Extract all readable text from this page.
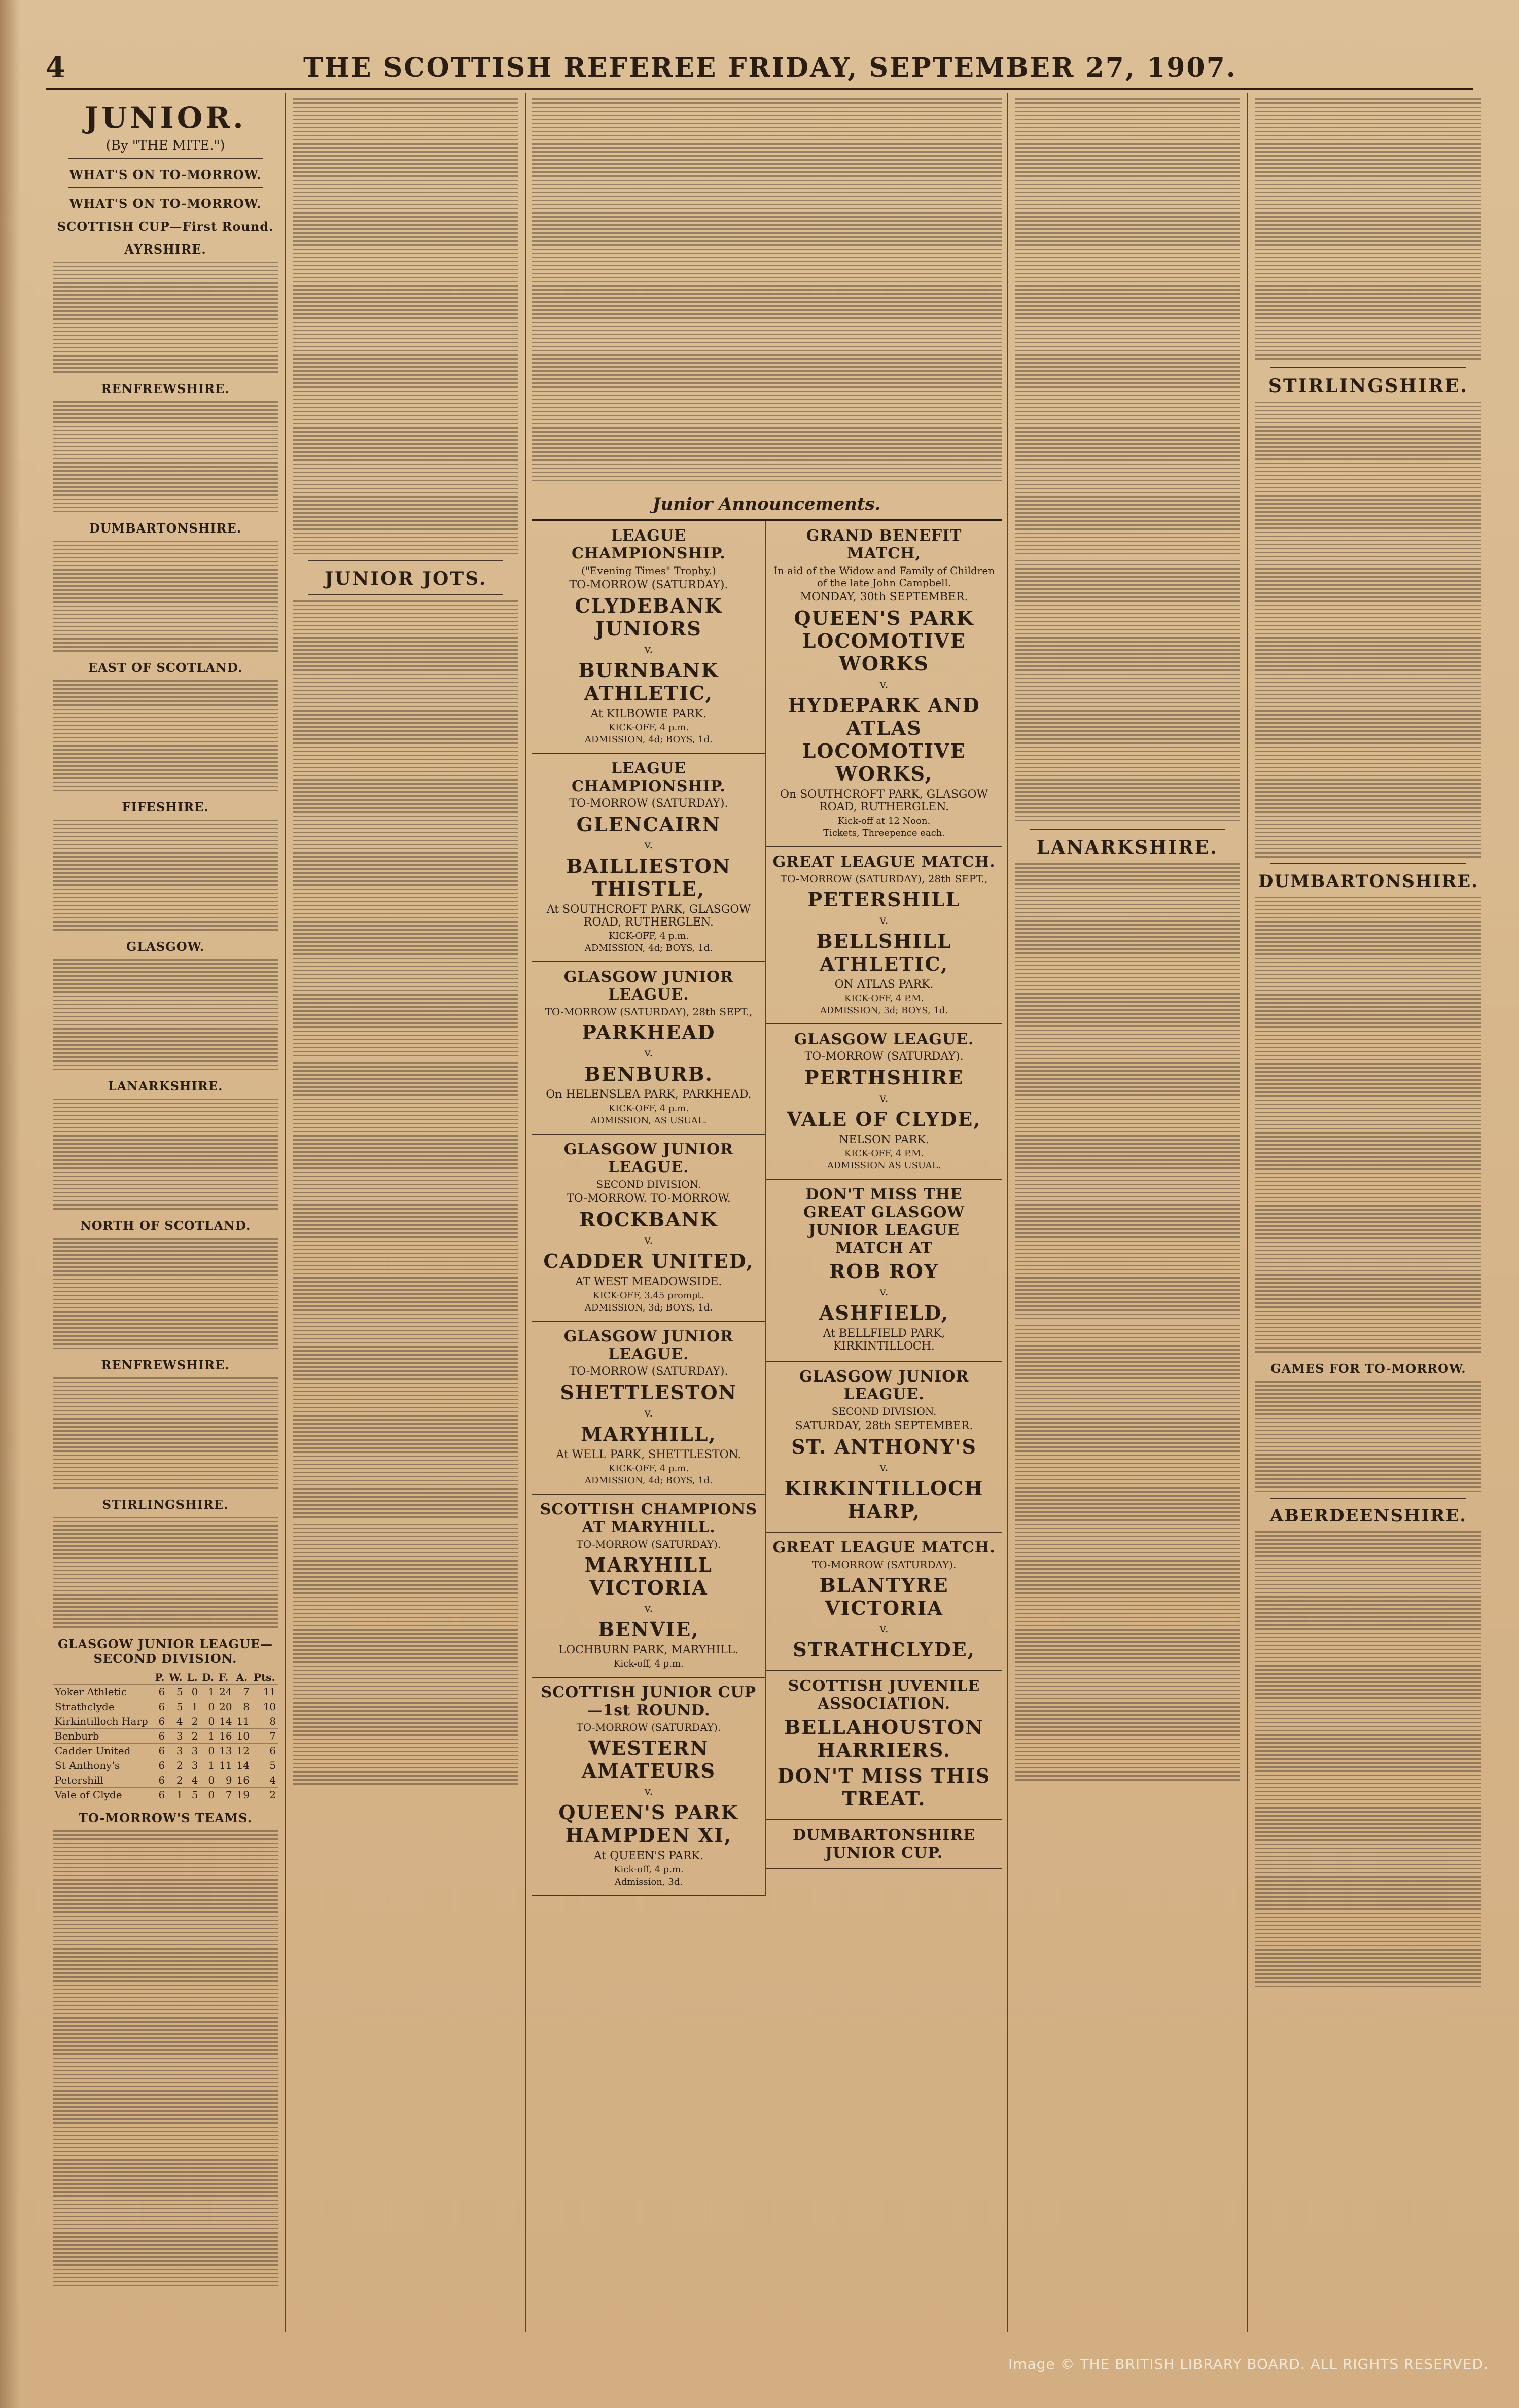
4	THE SCOTTISH REFEREE FRIDAY, SEPTEMBER 27, 1907.
JUNIOR.
(By "THE MITE.")
WHAT'S ON TO-MORROW.
WHAT'S ON TO-MORROW.
SCOTTISH CUP—First Round.
AYRSHIRE.
RENFREWSHIRE.
DUMBARTONSHIRE.
EAST OF SCOTLAND.
FIFESHIRE.
GLASGOW.
LANARKSHIRE.
NORTH OF SCOTLAND.
RENFREWSHIRE.
STIRLINGSHIRE.
GLASGOW JUNIOR LEAGUE—SECOND DIVISION.
	P.	W.	L.	D.	F.	A.	Pts.
Yoker Athletic	6	5	0	1	24	7	11
Strathclyde	6	5	1	0	20	8	10
Kirkintilloch Harp	6	4	2	0	14	11	8
Benburb	6	3	2	1	16	10	7
Cadder United	6	3	3	0	13	12	6
St Anthony's	6	2	3	1	11	14	5
Petershill	6	2	4	0	9	16	4
Vale of Clyde	6	1	5	0	7	19	2
TO-MORROW'S TEAMS.
JUNIOR JOTS.
Junior Announcements.
LEAGUE CHAMPIONSHIP.
("Evening Times" Trophy.)
TO-MORROW (SATURDAY).
CLYDEBANK JUNIORS
v.
BURNBANK ATHLETIC,
At KILBOWIE PARK.
KICK-OFF, 4 p.m.
ADMISSION, 4d; BOYS, 1d.
LEAGUE CHAMPIONSHIP.
TO-MORROW (SATURDAY).
GLENCAIRN
v.
BAILLIESTON THISTLE,
At SOUTHCROFT PARK, GLASGOW ROAD, RUTHERGLEN.
KICK-OFF, 4 p.m.
ADMISSION, 4d; BOYS, 1d.
GLASGOW JUNIOR LEAGUE.
TO-MORROW (SATURDAY), 28th SEPT.,
PARKHEAD
v.
BENBURB.
On HELENSLEA PARK, PARKHEAD.
KICK-OFF, 4 p.m.
ADMISSION, AS USUAL.
GLASGOW JUNIOR LEAGUE.
SECOND DIVISION.
TO-MORROW. TO-MORROW.
ROCKBANK
v.
CADDER UNITED,
AT WEST MEADOWSIDE.
KICK-OFF, 3.45 prompt.
ADMISSION, 3d; BOYS, 1d.
GLASGOW JUNIOR LEAGUE.
TO-MORROW (SATURDAY).
SHETTLESTON
v.
MARYHILL,
At WELL PARK, SHETTLESTON.
KICK-OFF, 4 p.m.
ADMISSION, 4d; BOYS, 1d.
SCOTTISH CHAMPIONS AT MARYHILL.
TO-MORROW (SATURDAY).
MARYHILL VICTORIA
v.
BENVIE,
LOCHBURN PARK, MARYHILL.
Kick-off, 4 p.m.
SCOTTISH JUNIOR CUP—1st ROUND.
TO-MORROW (SATURDAY).
WESTERN AMATEURS
v.
QUEEN'S PARK HAMPDEN XI,
At QUEEN'S PARK.
Kick-off, 4 p.m.
Admission, 3d.
GRAND BENEFIT MATCH,
In aid of the Widow and Family of Children of the late John Campbell.
MONDAY, 30th SEPTEMBER.
QUEEN'S PARK LOCOMOTIVE WORKS
v.
HYDEPARK AND ATLAS LOCOMOTIVE WORKS,
On SOUTHCROFT PARK, GLASGOW ROAD, RUTHERGLEN.
Kick-off at 12 Noon.
Tickets, Threepence each.
GREAT LEAGUE MATCH.
TO-MORROW (SATURDAY), 28th SEPT.,
PETERSHILL
v.
BELLSHILL ATHLETIC,
ON ATLAS PARK.
KICK-OFF, 4 P.M.
ADMISSION, 3d; BOYS, 1d.
GLASGOW LEAGUE.
TO-MORROW (SATURDAY).
PERTHSHIRE
v.
VALE OF CLYDE,
NELSON PARK.
KICK-OFF, 4 P.M.
ADMISSION AS USUAL.
DON'T MISS THE GREAT GLASGOW JUNIOR LEAGUE MATCH AT
ROB ROY
v.
ASHFIELD,
At BELLFIELD PARK, KIRKINTILLOCH.
GLASGOW JUNIOR LEAGUE.
SECOND DIVISION.
SATURDAY, 28th SEPTEMBER.
ST. ANTHONY'S
v.
KIRKINTILLOCH HARP,
GREAT LEAGUE MATCH.
TO-MORROW (SATURDAY).
BLANTYRE VICTORIA
v.
STRATHCLYDE,
SCOTTISH JUVENILE ASSOCIATION.
BELLAHOUSTON HARRIERS.
DON'T MISS THIS TREAT.
DUMBARTONSHIRE JUNIOR CUP.
LANARKSHIRE.
STIRLINGSHIRE.
DUMBARTONSHIRE.
GAMES FOR TO-MORROW.
ABERDEENSHIRE.
Image © THE BRITISH LIBRARY BOARD. ALL RIGHTS RESERVED.
